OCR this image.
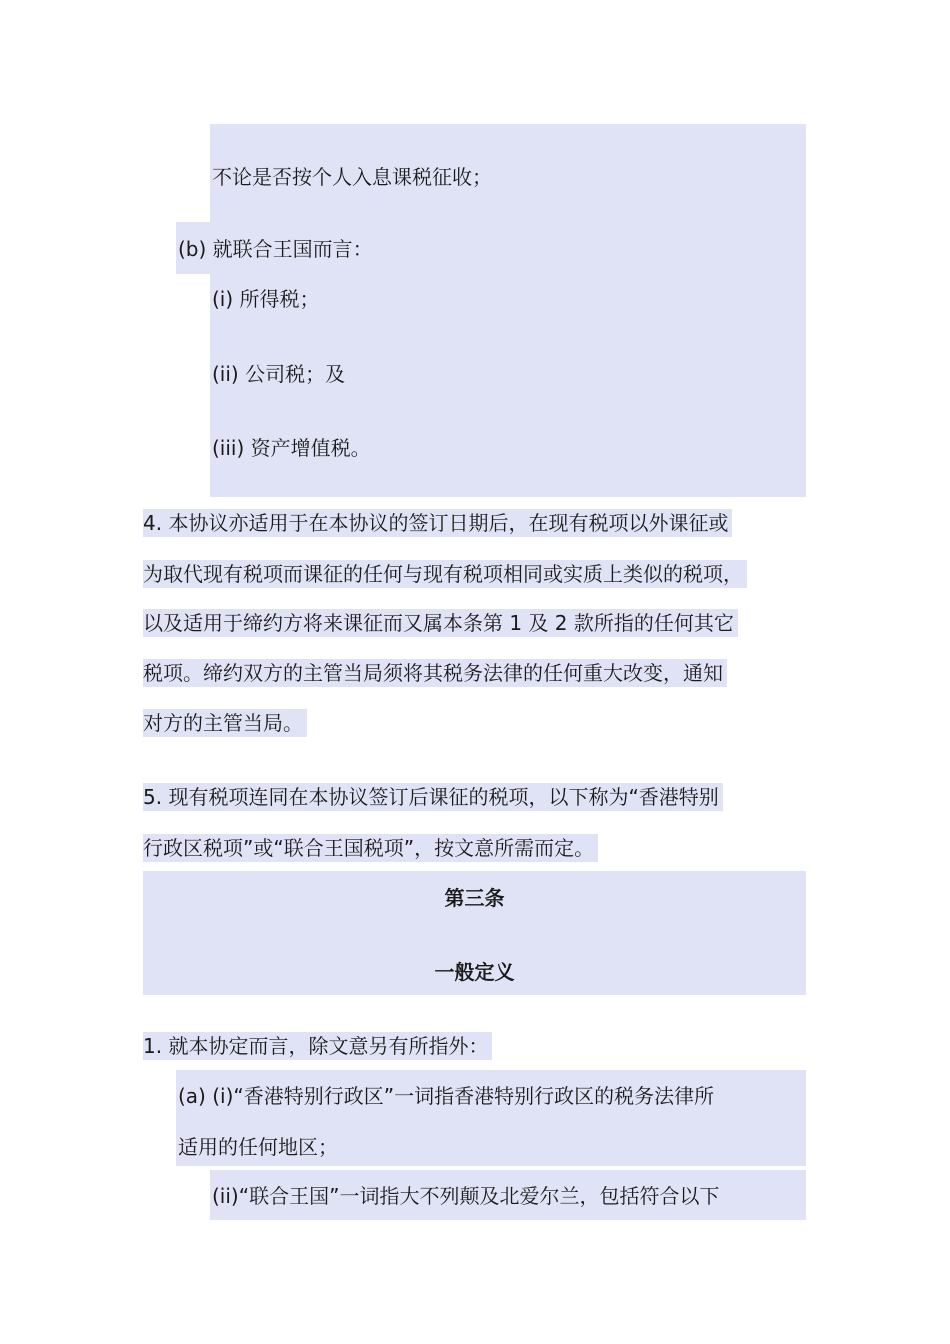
不论是否按个人入息课税征收；
(b) 就联合王国而言：
(i) 所得税；
(ii) 公司税；及
(iii) 资产增值税。
4. 本协议亦适用于在本协议的签订日期后，在现有税项以外课征或
为取代现有税项而课征的任何与现有税项相同或实质上类似的税项，
以及适用于缔约方将来课征而又属本条第 1 及 2 款所指的任何其它
税项。缔约双方的主管当局须将其税务法律的任何重大改变，通知
对方的主管当局。
5. 现有税项连同在本协议签订后课征的税项，以下称为“香港特别
行政区税项”或“联合王国税项”，按文意所需而定。
第三条
一般定义
1. 就本协定而言，除文意另有所指外：
(a) (i)“香港特别行政区”一词指香港特别行政区的税务法律所
适用的任何地区；
(ii)“联合王国”一词指大不列颠及北爱尔兰，包括符合以下
